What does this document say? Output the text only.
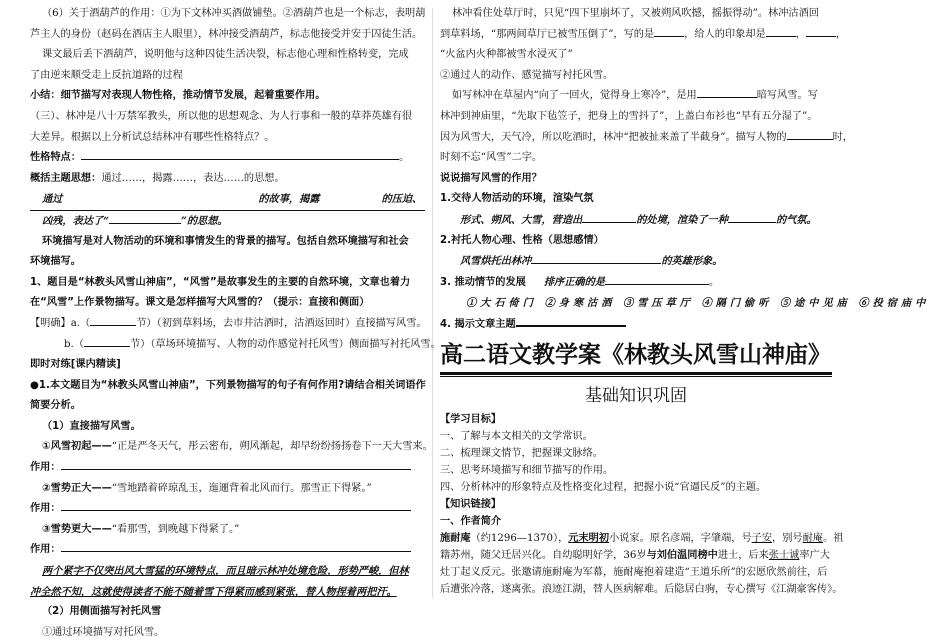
（6）关于酒葫芦的作用：①为下文林冲买酒做铺垫。②酒葫芦也是一个标志，表明葫
芦主人的身份（赵码在酒店主人眼里），林冲接受酒葫芦，标志他接受并安于囚徒生活。
课文最后丢下酒葫芦，说明他与这种囚徒生活决裂，标志他心理和性格转变，完成
了由逆来顺受走上反抗道路的过程
小结：细节描写对表现人物性格，推动情节发展，起着重要作用。
（三）、林冲是八十万禁军教头，所以他的思想观念、为人行事和一般的草莽英雄有很
大差异。根据以上分析试总结林冲有哪些性格特点？。
性格特点：	。
概括主题思想：通过……，揭露……，表达……的思想。
通过	的故事，揭露	的压迫、
凶残，表达了“	”的思想。
环境描写是对人物活动的环境和事情发生的背景的描写。包括自然环境描写和社会
环境描写。
1、题目是“林教头风雪山神庙”，“风雪”是故事发生的主要的自然环境，文章也着力
在“风雪”上作景物描写。课文是怎样描写大风雪的？（提示：直接和侧面）
【明确】a.（	节）（初到草料场，去市井沽酒时，沽酒返回时）直接描写风雪。
b.（	节）（草场环境描写、人物的动作感觉衬托风雪）侧面描写衬托风雪。
即时对练[课内精读]
●1.本文题目为“林教头风雪山神庙”，下列景物描写的句子有何作用?请结合相关词语作
简要分析。
（1）直接描写风雪。
①风雪初起——“正是严冬天气，彤云密布，朔风渐起，却早纷纷扬扬卷下一天大雪来。
作用：
②雪势正大——“雪地踏着碎琼乱玉，迤逦背着北风而行。那雪正下得紧。”
作用：
③雪势更大——“看那雪，到晚越下得紧了。”
作用：
两个紧字不仅突出风大雪猛的环境特点，而且暗示林冲处境危险，形势严峻，但林
冲全然不知，这就使得读者不能不随着雪下得紧而感到紧张，替人物捏着两把汗。
（2）用侧面描写衬托风雪
①通过环境描写对托风雪。
林冲看住处草厅时，只见“四下里崩坏了，又被朔风吹撼，摇振得动”。林冲沽酒回
到草料场，“那两间草厅已被雪压倒了”，写的是	，给人的印象却是	，	，
“火盆内火种都被雪水浸灭了”
②通过人的动作、感觉描写衬托风雪。
如写林冲在草屋内“向了一回火，觉得身上寒冷”，是用	暗写风雪。写
林冲到神庙里，“先取下毡笠子，把身上的雪抖了”，上盖白布衫也“早有五分湿了”。
因为风雪大，天气冷，所以吃酒时，林冲“把被扯来盖了半截身”。描写人物的	时，
时刻不忘“风雪”二字。
说说描写风雪的作用？
1.交待人物活动的环境，渲染气氛
形式、朔风、大雪，营造出	的处境，渲染了一种	的气氛。
2.衬托人物心理、性格（思想感情）
风雪烘托出林冲	的英雄形象。
3. 推动情节的发展 排序正确的是	。
①大石倚门 ②身寒沽酒 ③雪压草厅 ④隔门偷听 ⑤途中见庙 ⑥投宿庙中
4. 揭示文章主题
高二语文教学案 《林教头风雪山神庙》
基础知识巩固
【学习目标】
一、了解与本文相关的文学常识。
二、梳理课文情节，把握课文脉络。
三、思考环境描写和细节描写的作用。
四、分析林冲的形象特点及性格变化过程，把握小说“官逼民反”的主题。
【知识链接】
一、作者简介
施耐庵（约1296—1370），元末明初小说家。原名彦端，字肇端，号子安，别号耐庵。祖
籍苏州，随父迁居兴化。自幼聪明好学，36岁与刘伯温同榜中进士，后来张士诚率广大
灶丁起义反元。张邀请施耐庵为军幕，施耐庵抱着建造“王道乐所”的宏愿欣然前往，后
后遭张冷落，遂离张。浪迹江湖，替人医病解难。后隐居白驹，专心撰写《江湖豪客传》。
